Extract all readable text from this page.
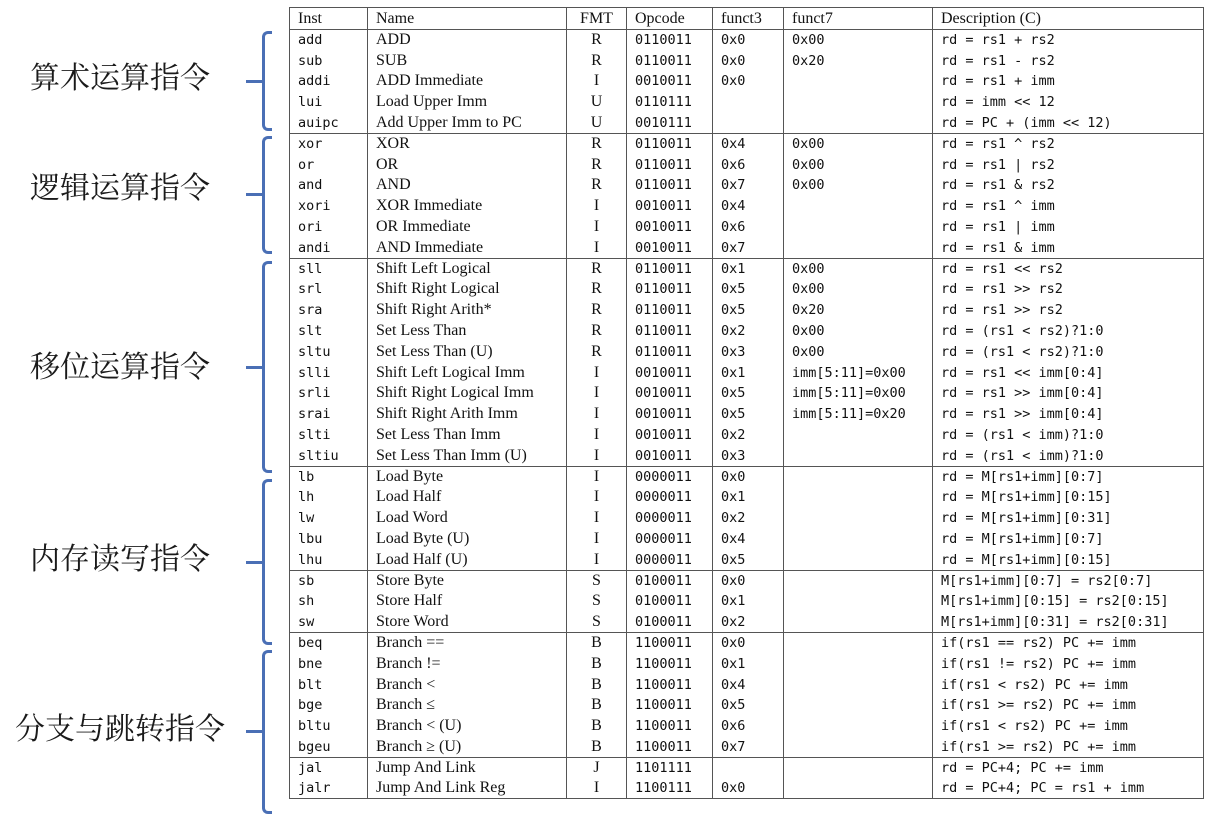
算术运算指令
逻辑运算指令
移位运算指令
内存读写指令
分支与跳转指令
Inst	Name	FMT	Opcode	funct3	funct7	Description (C)
add	ADD	R	0110011	0x0	0x00	rd = rs1 + rs2
sub	SUB	R	0110011	0x0	0x20	rd = rs1 - rs2
addi	ADD Immediate	I	0010011	0x0		rd = rs1 + imm
lui	Load Upper Imm	U	0110111			rd = imm << 12
auipc	Add Upper Imm to PC	U	0010111			rd = PC + (imm << 12)
xor	XOR	R	0110011	0x4	0x00	rd = rs1 ^ rs2
or	OR	R	0110011	0x6	0x00	rd = rs1 | rs2
and	AND	R	0110011	0x7	0x00	rd = rs1 & rs2
xori	XOR Immediate	I	0010011	0x4		rd = rs1 ^ imm
ori	OR Immediate	I	0010011	0x6		rd = rs1 | imm
andi	AND Immediate	I	0010011	0x7		rd = rs1 & imm
sll	Shift Left Logical	R	0110011	0x1	0x00	rd = rs1 << rs2
srl	Shift Right Logical	R	0110011	0x5	0x00	rd = rs1 >> rs2
sra	Shift Right Arith*	R	0110011	0x5	0x20	rd = rs1 >> rs2
slt	Set Less Than	R	0110011	0x2	0x00	rd = (rs1 < rs2)?1:0
sltu	Set Less Than (U)	R	0110011	0x3	0x00	rd = (rs1 < rs2)?1:0
slli	Shift Left Logical Imm	I	0010011	0x1	imm[5:11]=0x00	rd = rs1 << imm[0:4]
srli	Shift Right Logical Imm	I	0010011	0x5	imm[5:11]=0x00	rd = rs1 >> imm[0:4]
srai	Shift Right Arith Imm	I	0010011	0x5	imm[5:11]=0x20	rd = rs1 >> imm[0:4]
slti	Set Less Than Imm	I	0010011	0x2		rd = (rs1 < imm)?1:0
sltiu	Set Less Than Imm (U)	I	0010011	0x3		rd = (rs1 < imm)?1:0
lb	Load Byte	I	0000011	0x0		rd = M[rs1+imm][0:7]
lh	Load Half	I	0000011	0x1		rd = M[rs1+imm][0:15]
lw	Load Word	I	0000011	0x2		rd = M[rs1+imm][0:31]
lbu	Load Byte (U)	I	0000011	0x4		rd = M[rs1+imm][0:7]
lhu	Load Half (U)	I	0000011	0x5		rd = M[rs1+imm][0:15]
sb	Store Byte	S	0100011	0x0		M[rs1+imm][0:7] = rs2[0:7]
sh	Store Half	S	0100011	0x1		M[rs1+imm][0:15] = rs2[0:15]
sw	Store Word	S	0100011	0x2		M[rs1+imm][0:31] = rs2[0:31]
beq	Branch ==	B	1100011	0x0		if(rs1 == rs2) PC += imm
bne	Branch !=	B	1100011	0x1		if(rs1 != rs2) PC += imm
blt	Branch <	B	1100011	0x4		if(rs1 < rs2) PC += imm
bge	Branch ≤	B	1100011	0x5		if(rs1 >= rs2) PC += imm
bltu	Branch < (U)	B	1100011	0x6		if(rs1 < rs2) PC += imm
bgeu	Branch ≥ (U)	B	1100011	0x7		if(rs1 >= rs2) PC += imm
jal	Jump And Link	J	1101111			rd = PC+4; PC += imm
jalr	Jump And Link Reg	I	1100111	0x0		rd = PC+4; PC = rs1 + imm
